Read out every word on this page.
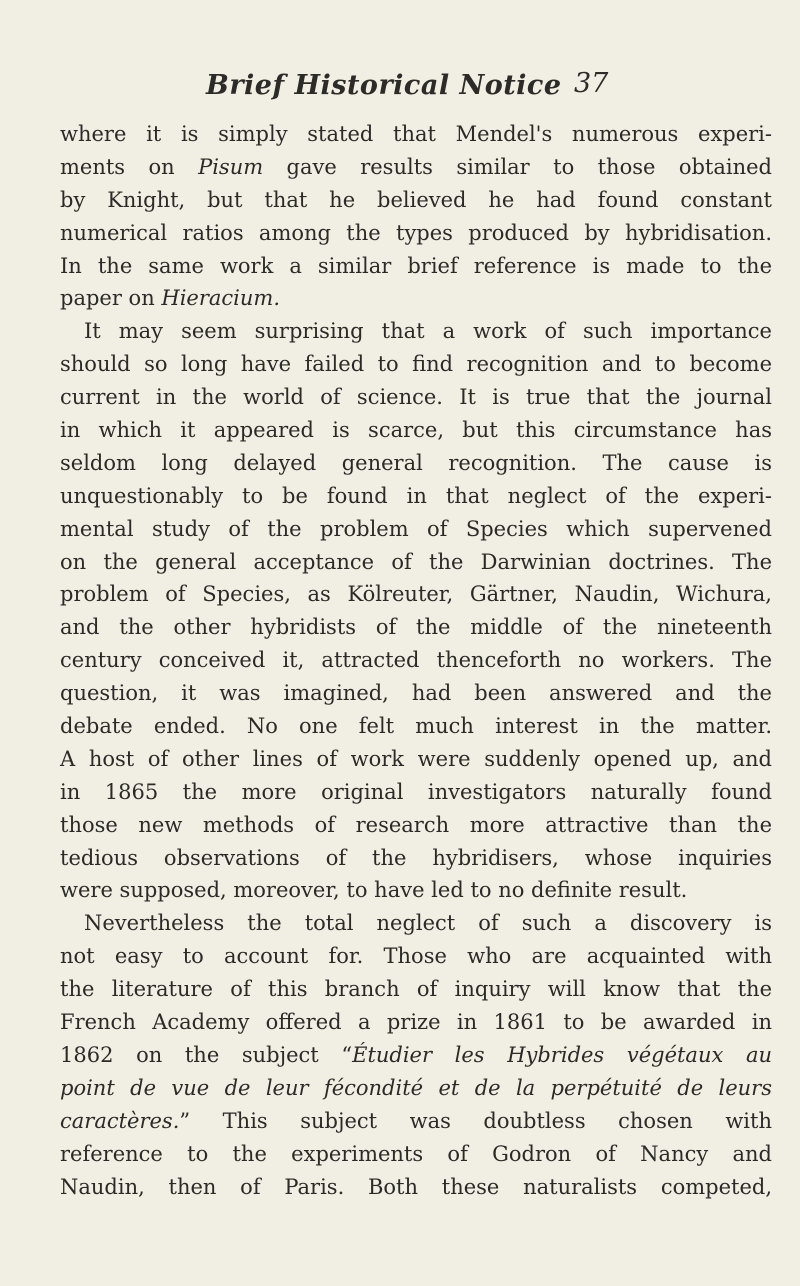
Brief Historical Notice 37
where it is simply stated that Mendel's numerous experi-
ments on Pisum gave results similar to those obtained
by Knight, but that he believed he had found constant
numerical ratios among the types produced by hybridisation.
In the same work a similar brief reference is made to the
paper on Hieracium.
It may seem surprising that a work of such importance
should so long have failed to find recognition and to become
current in the world of science. It is true that the journal
in which it appeared is scarce, but this circumstance has
seldom long delayed general recognition. The cause is
unquestionably to be found in that neglect of the experi-
mental study of the problem of Species which supervened
on the general acceptance of the Darwinian doctrines. The
problem of Species, as Kölreuter, Gärtner, Naudin, Wichura,
and the other hybridists of the middle of the nineteenth
century conceived it, attracted thenceforth no workers. The
question, it was imagined, had been answered and the
debate ended. No one felt much interest in the matter.
A host of other lines of work were suddenly opened up, and
in 1865 the more original investigators naturally found
those new methods of research more attractive than the
tedious observations of the hybridisers, whose inquiries
were supposed, moreover, to have led to no definite result.
Nevertheless the total neglect of such a discovery is
not easy to account for. Those who are acquainted with
the literature of this branch of inquiry will know that the
French Academy offered a prize in 1861 to be awarded in
1862 on the subject “Étudier les Hybrides végétaux au
point de vue de leur fécondité et de la perpétuité de leurs
caractères.” This subject was doubtless chosen with
reference to the experiments of Godron of Nancy and
Naudin, then of Paris. Both these naturalists competed,
